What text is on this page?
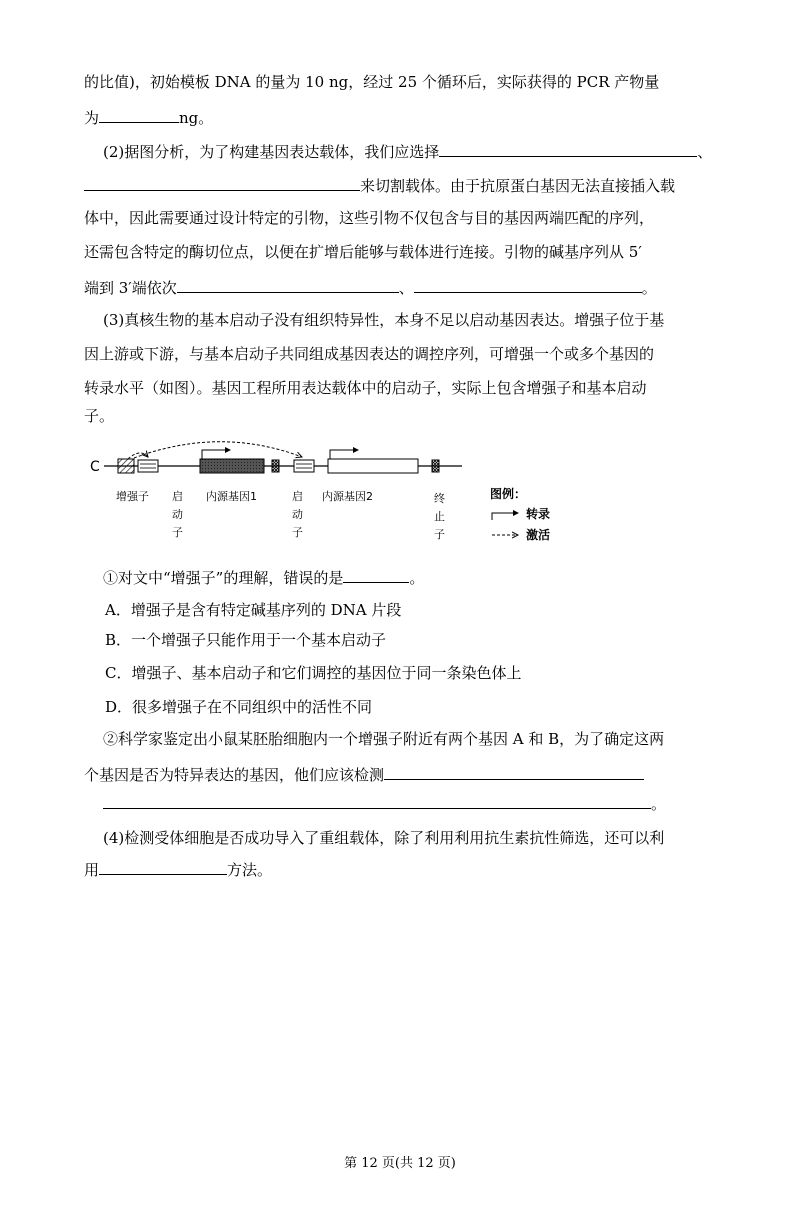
的比值)，初始模板 DNA 的量为 10 ng，经过 25 个循环后，实际获得的 PCR 产物量
为	ng。
(2)据图分析，为了构建基因表达载体，我们应选择	、
来切割载体。由于抗原蛋白基因无法直接插入载
体中，因此需要通过设计特定的引物，这些引物不仅包含与目的基因两端匹配的序列，
还需包含特定的酶切位点，以便在扩增后能够与载体进行连接。引物的碱基序列从 5′
端到 3′端依次	、	。
(3)真核生物的基本启动子没有组织特异性，本身不足以启动基因表达。增强子位于基
因上游或下游，与基本启动子共同组成基因表达的调控序列，可增强一个或多个基因的
转录水平（如图）。基因工程所用表达载体中的启动子，实际上包含增强子和基本启动
子。
C
增强子 启
动
子
内源基因1	启
动
子
内源基因2	终
止
子
图例：
转录
激活
①对文中“增强子”的理解，错误的是	。
A．增强子是含有特定碱基序列的 DNA 片段
B．一个增强子只能作用于一个基本启动子
C．增强子、基本启动子和它们调控的基因位于同一条染色体上
D．很多增强子在不同组织中的活性不同
②科学家鉴定出小鼠某胚胎细胞内一个增强子附近有两个基因 A 和 B，为了确定这两
个基因是否为特异表达的基因，他们应该检测
。
(4)检测受体细胞是否成功导入了重组载体，除了利用利用抗生素抗性筛选，还可以利
用	方法。
第 12 页(共 12 页)
